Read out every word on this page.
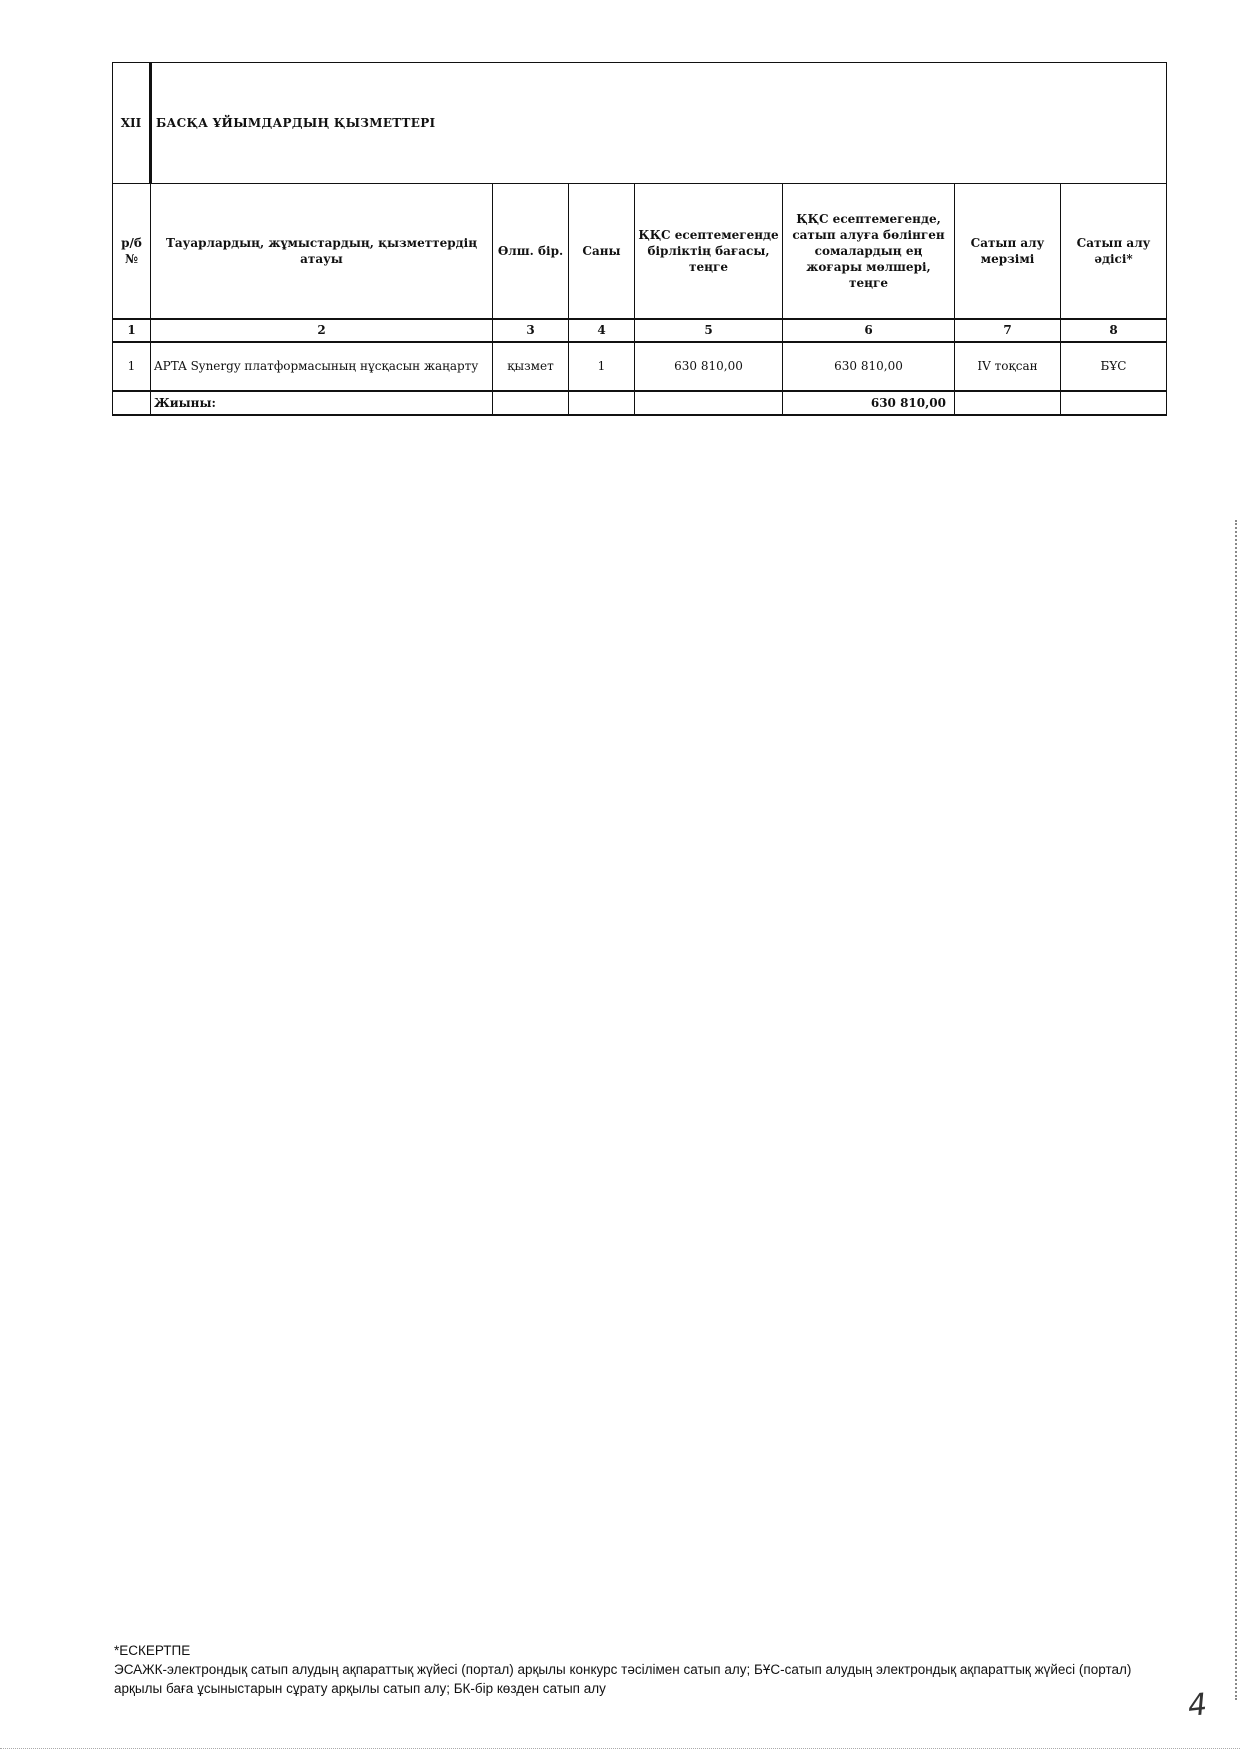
XII	БАСҚА ҰЙЫМДАРДЫҢ ҚЫЗМЕТТЕРІ						
р/б №	Тауарлардың, жұмыстардың, қызметтердің атауы	Өлш. бір.	Саны	ҚҚС есептемегенде бірліктің бағасы, теңге	ҚҚС есептемегенде, сатып алуға бөлінген сомалардың ең жоғары мөлшері, теңге	Сатып алу мерзімі	Сатып алу әдісі*
1	2	3	4	5	6	7	8
1	APTA Synergy платформасының нұсқасын жаңарту	қызмет	1	630 810,00	630 810,00	IV тоқсан	БҰС
	Жиыны:				630 810,00		
*ЕСКЕРТПЕ
ЭСАЖК-электрондық сатып алудың ақпараттық жүйесі (портал) арқылы конкурс тәсілімен сатып алу; БҰС-сатып алудың электрондық ақпараттық жүйесі (портал) арқылы баға ұсыныстарын сұрату арқылы сатып алу; БК-бір көзден сатып алу	4
